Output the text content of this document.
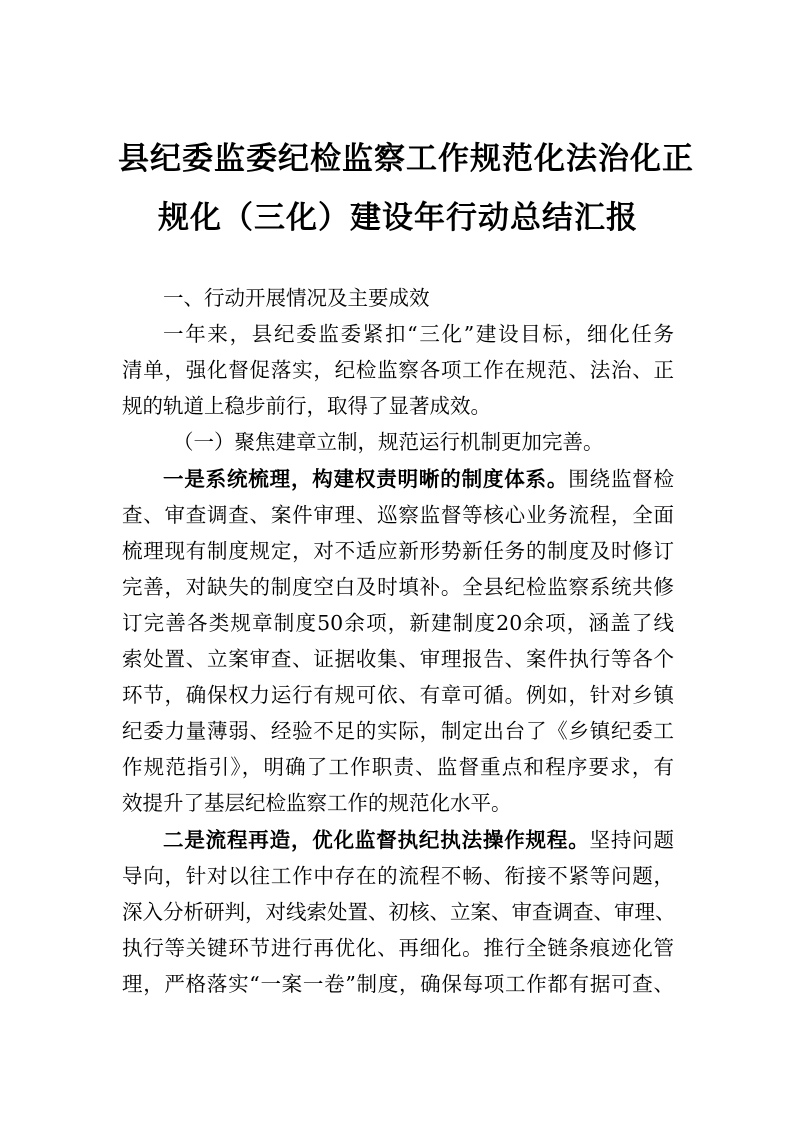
县纪委监委纪检监察工作规范化法治化正
规化（三化）建设年行动总结汇报
一、行动开展情况及主要成效
一年来，县纪委监委紧扣“三化”建设目标，细化任务
清单，强化督促落实，纪检监察各项工作在规范、法治、正
规的轨道上稳步前行，取得了显著成效。
（一）聚焦建章立制，规范运行机制更加完善。
一是系统梳理，构建权责明晰的制度体系。围绕监督检
查、审查调查、案件审理、巡察监督等核心业务流程，全面
梳理现有制度规定，对不适应新形势新任务的制度及时修订
完善，对缺失的制度空白及时填补。全县纪检监察系统共修
订完善各类规章制度50余项，新建制度20余项，涵盖了线
索处置、立案审查、证据收集、审理报告、案件执行等各个
环节，确保权力运行有规可依、有章可循。例如，针对乡镇
纪委力量薄弱、经验不足的实际，制定出台了《乡镇纪委工
作规范指引》，明确了工作职责、监督重点和程序要求，有
效提升了基层纪检监察工作的规范化水平。
二是流程再造，优化监督执纪执法操作规程。坚持问题
导向，针对以往工作中存在的流程不畅、衔接不紧等问题，
深入分析研判，对线索处置、初核、立案、审查调查、审理、
执行等关键环节进行再优化、再细化。推行全链条痕迹化管
理，严格落实“一案一卷”制度，确保每项工作都有据可查、
